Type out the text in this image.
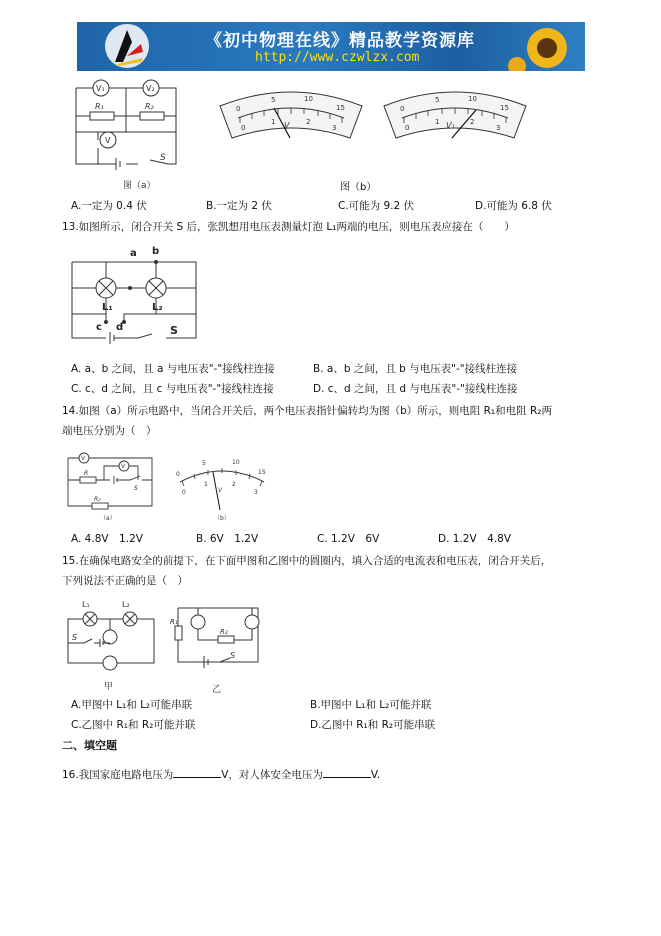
《初中物理在线》精品教学资源库
http://www.czwlzx.com
V₁	V₂
R₁	R₂
V
S
图（a）
0
5	10
15
0
1	2
3
V
0
5	10
15
0
1	2
3
V₁
图（b）
A.一定为 0.4 伏	B.一定为 2 伏	C.可能为 9.2 伏	D.可能为 6.8 伏
13.如图所示，闭合开关 S 后，张凯想用电压表测量灯泡 L₁两端的电压，则电压表应接在（　　）
a b
c d
L₁	L₂
S
A. a、b 之间，且 a 与电压表"-"接线柱连接	B. a、b 之间，且 b 与电压表"-"接线柱连接
C. c、d 之间，且 c 与电压表"-"接线柱连接	D. c、d 之间，且 d 与电压表"-"接线柱连接
14.如图（a）所示电路中，当闭合开关后，两个电压表指针偏转均为图（b）所示，则电阻 R₁和电阻 R₂两
端电压分别为（　）
V
V
R
R₂
S
（a）
0
5	10
15
0
1	2
3
V
（b）
A. 4.8V　1.2V	B. 6V　1.2V	C. 1.2V　6V	D. 1.2V　4.8V
15.在确保电路安全的前提下，在下面甲图和乙图中的圆圈内，填入合适的电流表和电压表，闭合开关后，
下列说法不正确的是（　）
L₁	L₂
S
甲
R₁
R₂
S
乙
A.甲图中 L₁和 L₂可能串联	B.甲图中 L₁和 L₂可能并联
C.乙图中 R₁和 R₂可能并联	D.乙图中 R₁和 R₂可能串联
二、填空题
16.我国家庭电路电压为	V，对人体安全电压为	V.
